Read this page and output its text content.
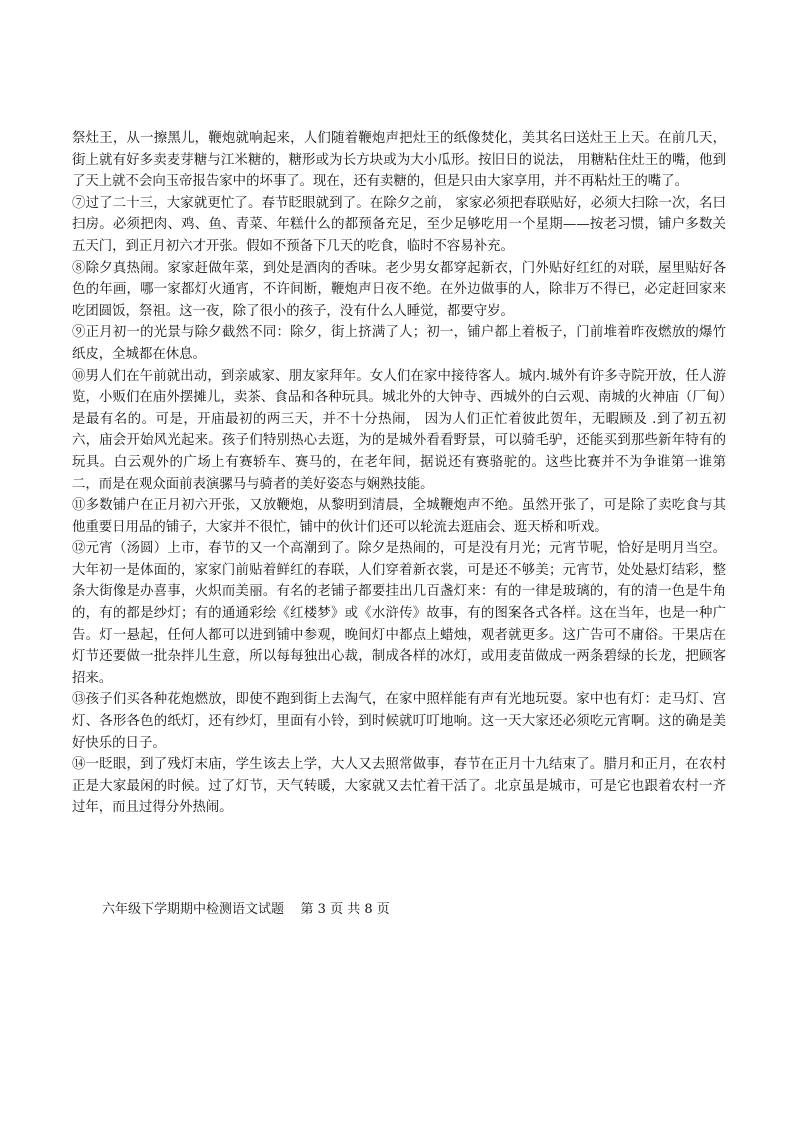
祭灶王，从一擦黑儿，鞭炮就响起来，人们随着鞭炮声把灶王的纸像焚化，美其名曰送灶王上天。在前几天，街上就有好多卖麦芽糖与江米糖的，糖形或为长方块或为大小瓜形。按旧日的说法， 用糖粘住灶王的嘴，他到了天上就不会向玉帝报告家中的坏事了。现在，还有卖糖的，但是只由大家享用，并不再粘灶王的嘴了。

⑦过了二十三，大家就更忙了。春节眨眼就到了。在除夕之前， 家家必须把春联贴好，必须大扫除一次，名曰扫房。必须把肉、鸡、鱼、青菜、年糕什么的都预备充足，至少足够吃用一个星期——按老习惯，铺户多数关五天门，到正月初六才开张。假如不预备下几天的吃食，临时不容易补充。

⑧除夕真热闹。家家赶做年菜，到处是酒肉的香味。老少男女都穿起新衣，门外贴好红红的对联，屋里贴好各色的年画，哪一家都灯火通宵，不许间断，鞭炮声日夜不绝。在外边做事的人，除非万不得已，必定赶回家来吃团圆饭，祭祖。这一夜，除了很小的孩子，没有什么人睡觉，都要守岁。

⑨正月初一的光景与除夕截然不同：除夕，街上挤满了人；初一，铺户都上着板子，门前堆着昨夜燃放的爆竹纸皮，全城都在休息。

⑩男人们在午前就出动，到亲戚家、朋友家拜年。女人们在家中接待客人。城内.城外有许多寺院开放，任人游览，小贩们在庙外摆摊儿，卖茶、食品和各种玩具。城北外的大钟寺、西城外的白云观、南城的火神庙（厂甸）是最有名的。可是，开庙最初的两三天，并不十分热闹， 因为人们正忙着彼此贺年，无暇顾及 .到了初五初六，庙会开始风光起来。孩子们特别热心去逛，为的是城外看看野景，可以骑毛驴，还能买到那些新年特有的玩具。白云观外的广场上有赛轿车、赛马的，在老年间，据说还有赛骆驼的。这些比赛并不为争谁第一谁第二，而是在观众面前表演骡马与骑者的美好姿态与娴熟技能。

⑪多数铺户在正月初六开张，又放鞭炮，从黎明到清晨，全城鞭炮声不绝。虽然开张了，可是除了卖吃食与其他重要日用品的铺子，大家并不很忙，铺中的伙计们还可以轮流去逛庙会、逛天桥和听戏。

⑫元宵（汤圆）上市，春节的又一个高潮到了。除夕是热闹的，可是没有月光；元宵节呢，恰好是明月当空。大年初一是体面的，家家门前贴着鲜红的春联，人们穿着新衣裳，可是还不够美；元宵节，处处悬灯结彩，整条大街像是办喜事，火炽而美丽。有名的老铺子都要挂出几百盏灯来：有的一律是玻璃的，有的清一色是牛角的，有的都是纱灯；有的通通彩绘《红楼梦》或《水浒传》故事，有的图案各式各样。这在当年，也是一种广告。灯一悬起，任何人都可以进到铺中参观，晚间灯中都点上蜡烛，观者就更多。这广告可不庸俗。干果店在灯节还要做一批杂拌儿生意，所以每每独出心裁，制成各样的冰灯，或用麦苗做成一两条碧绿的长龙，把顾客招来。

⑬孩子们买各种花炮燃放，即使不跑到街上去淘气，在家中照样能有声有光地玩耍。家中也有灯：走马灯、宫灯、各形各色的纸灯，还有纱灯，里面有小铃，到时候就叮叮地响。这一天大家还必须吃元宵啊。这的确是美好快乐的日子。

⑭一眨眼，到了残灯末庙，学生该去上学，大人又去照常做事，春节在正月十九结束了。腊月和正月，在农村正是大家最闲的时候。过了灯节，天气转暖，大家就又去忙着干活了。北京虽是城市，可是它也跟着农村一齐过年，而且过得分外热闹。

六年级下学期期中检测语文试题 第 3 页 共 8 页
